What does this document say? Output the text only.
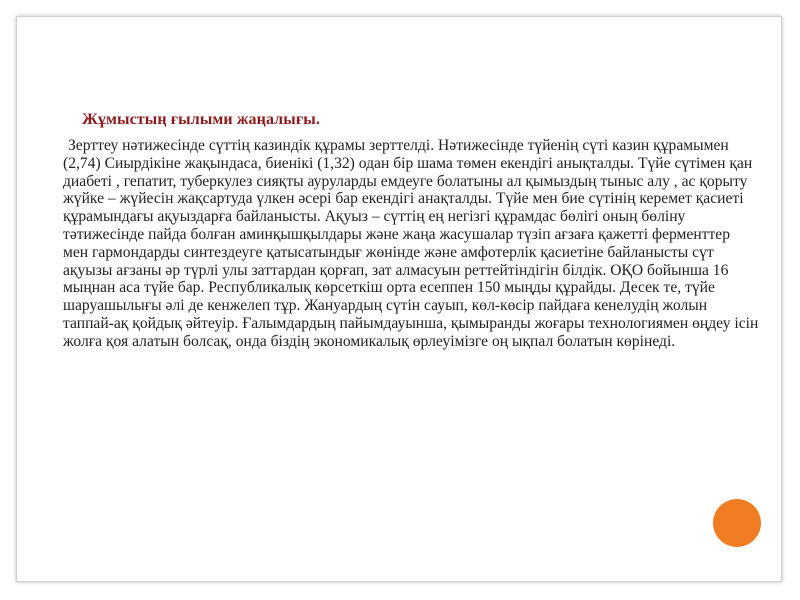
Жұмыстың ғылыми жаңалығы.

Зерттеу нәтижесінде сүттің казиндік құрамы зерттелді. Нәтижесінде түйенің сүті казин құрамымен (2,74) Сиырдікіне жақындаса, биенікі (1,32) одан бір шама төмен екендігі анықталды. Түйе сүтімен қан диабеті , гепатит, туберкулез сияқты ауруларды емдеуге болатыны ал қымыздың тыныс алу , ас қорыту жүйке – жүйесін жақсартуда үлкен әсері бар екендігі анақталды. Түйе мен бие сүтінің керемет қасиеті құрамындағы ақуыздарға байланысты. Ақуыз – сүттің ең негізгі құрамдас бөлігі оның бөліну тәтижесінде пайда болған аминқышқылдары және жаңа жасушалар түзіп ағзаға қажетті ферменттер мен гармондарды синтездеуге қатысатындығ жөнінде және амфотерлік қасиетіне байланысты сүт ақуызы ағзаны әр түрлі улы заттардан қорғап, зат алмасуын реттейтіндігін білдік. ОҚО бойынша 16 мыңнан аса түйе бар. Республикалық көрсеткіш орта есеппен 150 мыңды құрайды. Десек те, түйе шаруашылығы әлі де кенжелеп тұр. Жануардың сүтін сауып, көл-көсір пайдаға кенелудің жолын таппай-ақ қойдық әйтеуір. Ғалымдардың пайымдауынша, қымыранды жоғары технологиямен өңдеу ісін жолға қоя алатын болсақ, онда біздің экономикалық өрлеуімізге оң ықпал болатын көрінеді.
